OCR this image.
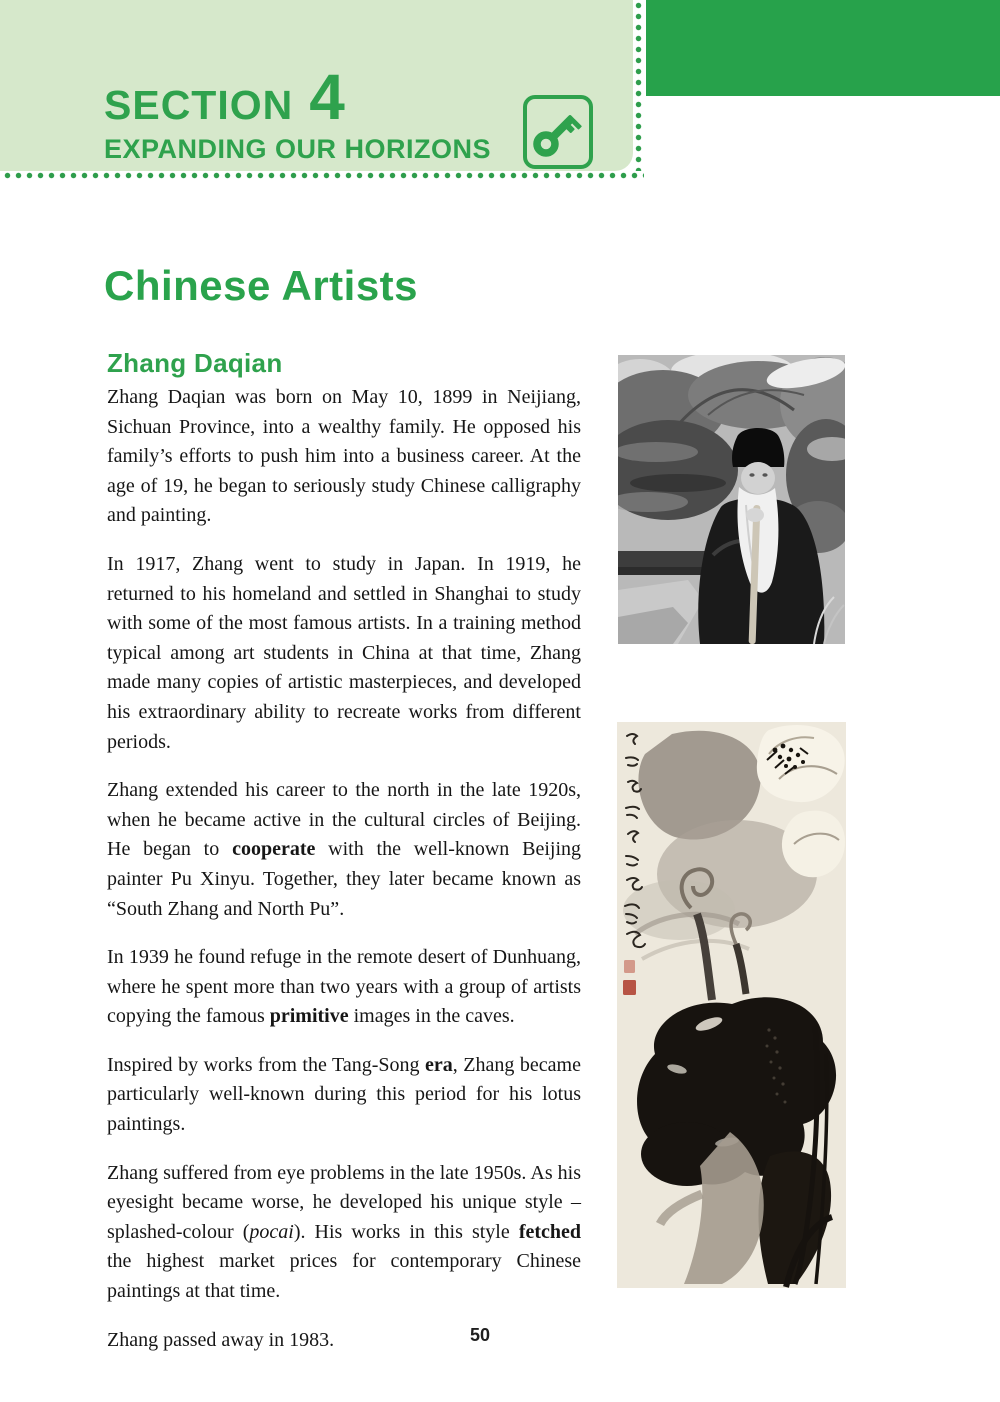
SECTION 4
EXPANDING OUR HORIZONS
Chinese Artists
Zhang Daqian

Zhang Daqian was born on May 10, 1899 in Neijiang, Sichuan Province, into a wealthy family. He opposed his family’s efforts to push him into a business career. At the age of 19, he began to seriously study Chinese calligraphy and painting.

In 1917, Zhang went to study in Japan. In 1919, he returned to his homeland and settled in Shanghai to study with some of the most famous artists. In a training method typical among art students in China at that time, Zhang made many copies of artistic masterpieces, and developed his extraordinary ability to recreate works from different periods.

Zhang extended his career to the north in the late 1920s, when he became active in the cultural circles of Beijing. He began to cooperate with the well-known Beijing painter Pu Xinyu. Together, they later became known as “South Zhang and North Pu”.

In 1939 he found refuge in the remote desert of Dunhuang, where he spent more than two years with a group of artists copying the famous primitive images in the caves.

Inspired by works from the Tang-Song era, Zhang became particularly well-known during this period for his lotus paintings.

Zhang suffered from eye problems in the late 1950s. As his eyesight became worse, he developed his unique style – splashed-colour (pocai). His works in this style fetched the highest market prices for contemporary Chinese paintings at that time.

Zhang passed away in 1983.	50
